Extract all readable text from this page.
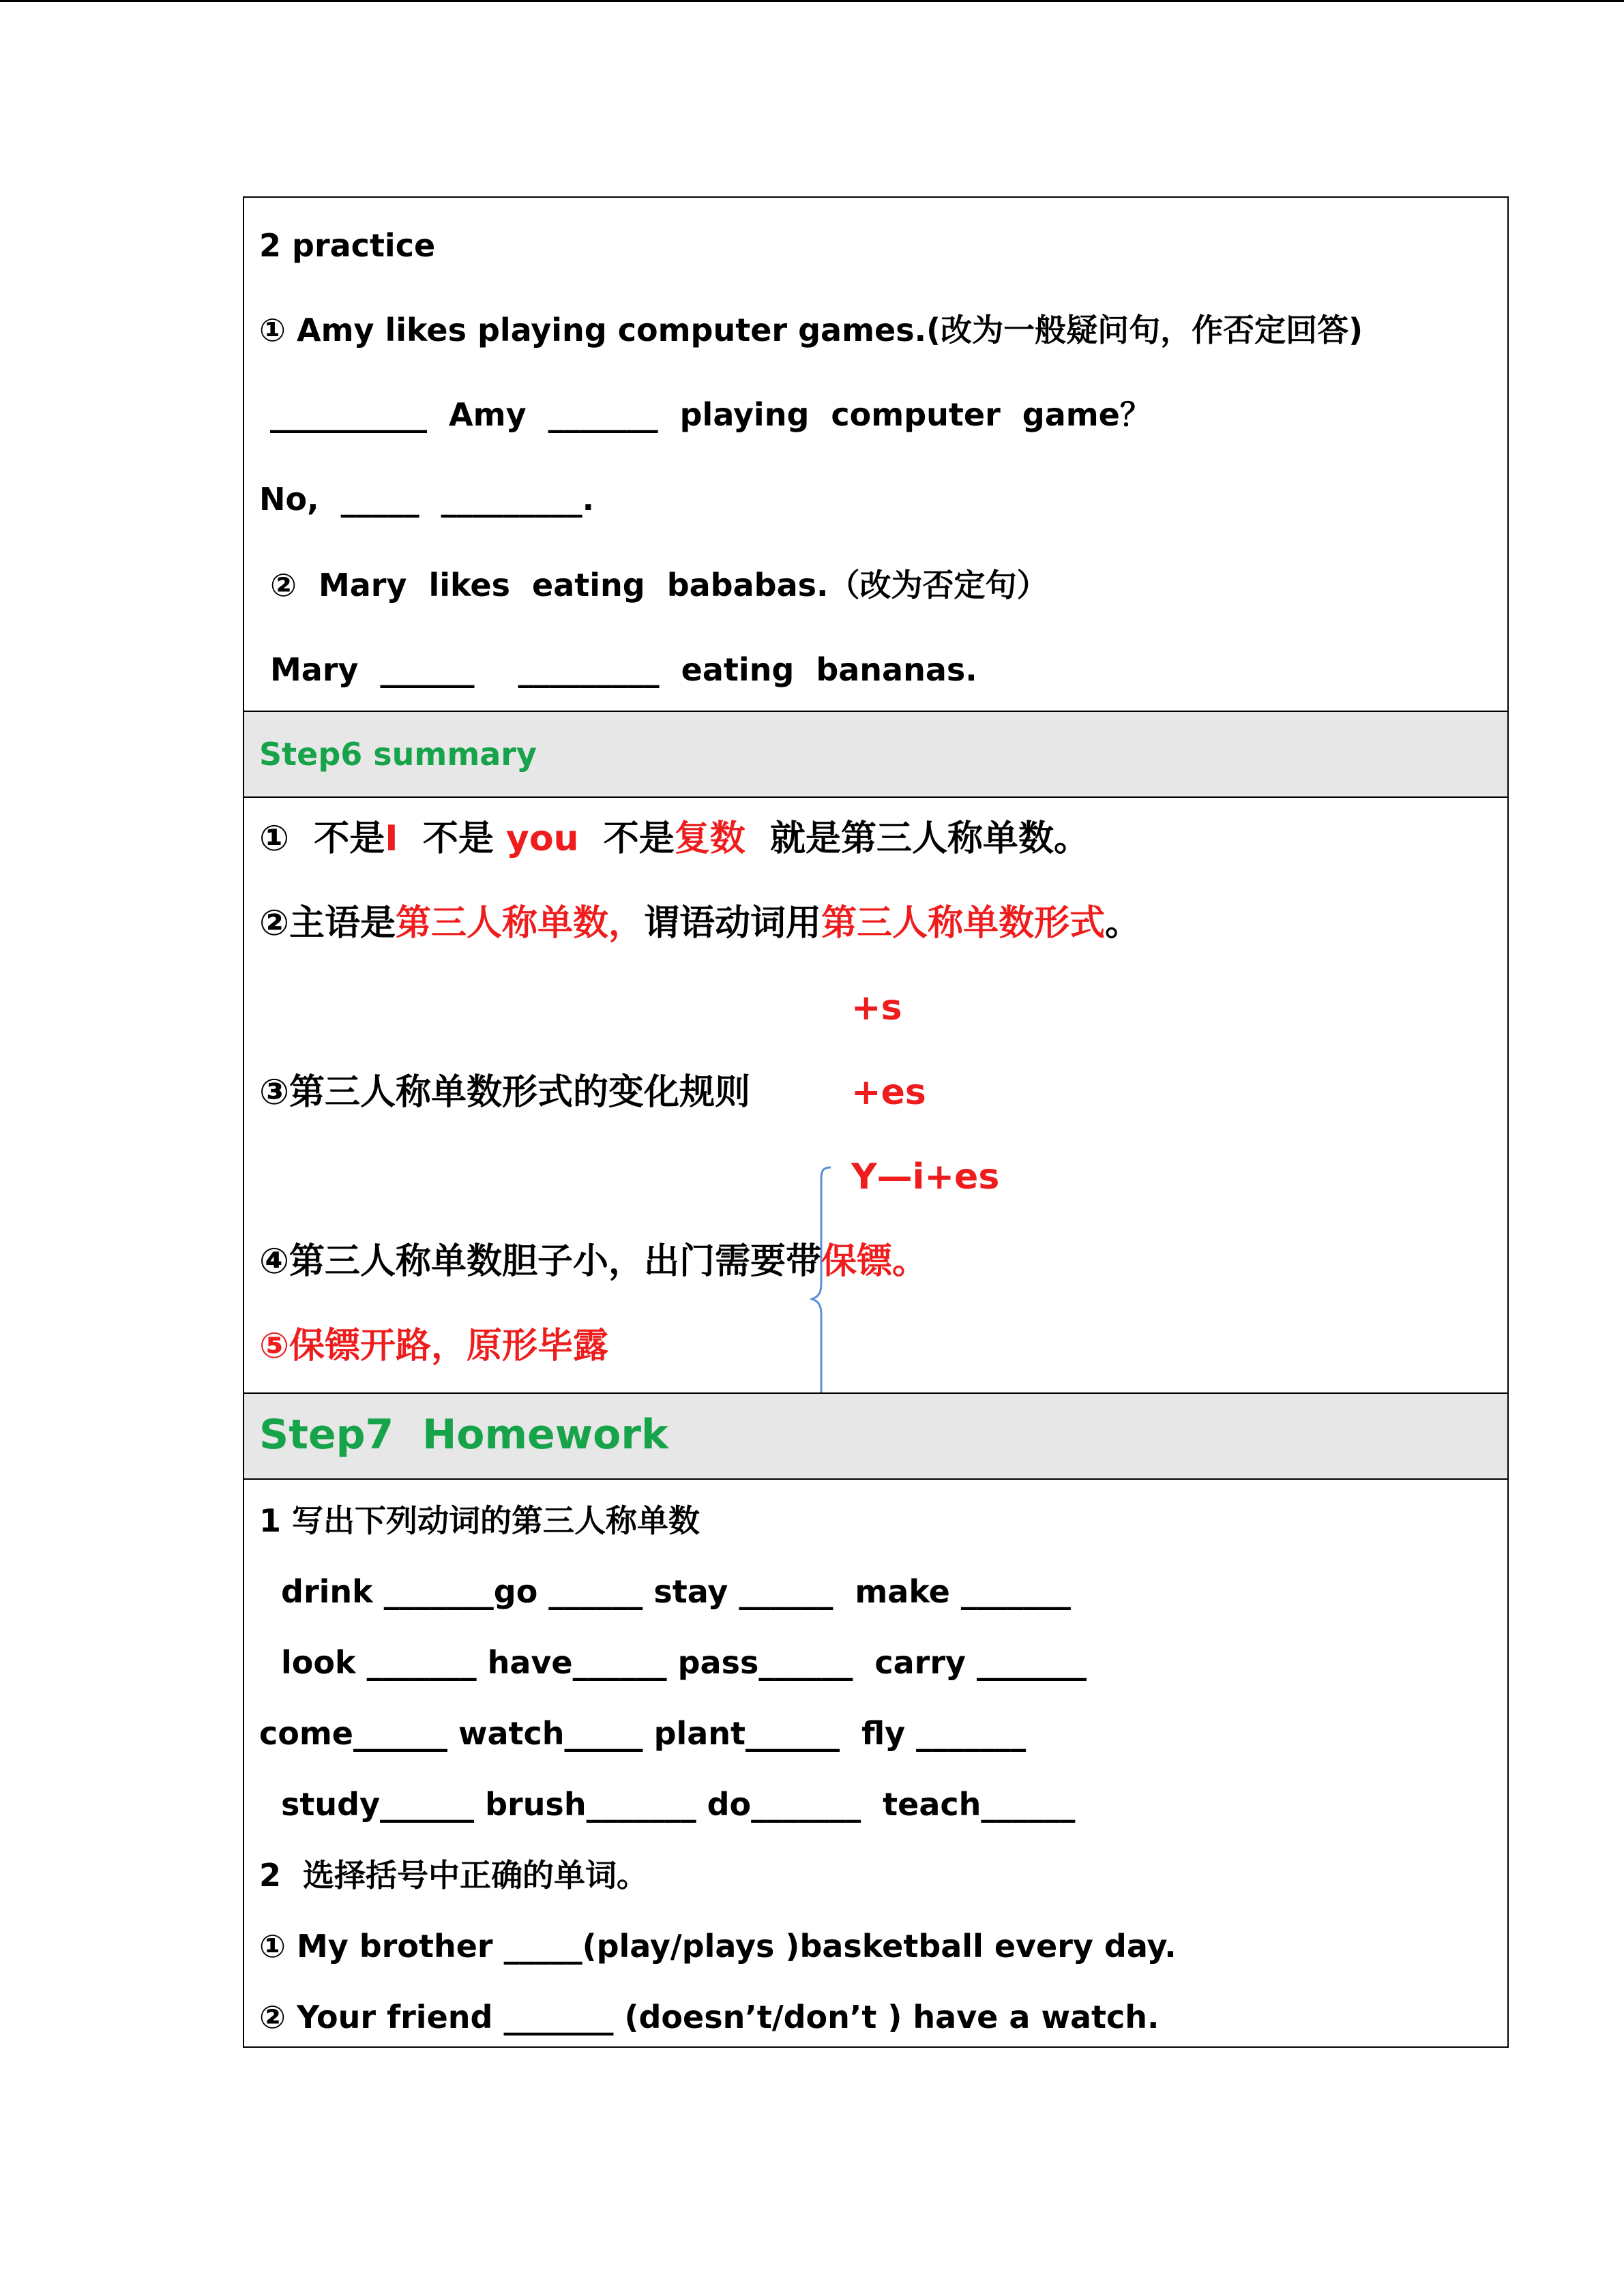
2 practice
① Amy likes playing computer games.(改为一般疑问句，作否定回答)
__________  Amy  _______  playing  computer  game？
No,  _____  _________.
②  Mary  likes  eating  bababas.（改为否定句）
Mary  ______    _________  eating  bananas.
Step6 summary
①  不是I  不是 you  不是复数  就是第三人称单数。
②主语是第三人称单数，谓语动词用第三人称单数形式。
③第三人称单数形式的变化规则
+s
+es
Y—i+es
④第三人称单数胆子小，出门需要带保镖。
⑤保镖开路，原形毕露
Step7  Homework
1 写出下列动词的第三人称单数
drink _______go ______ stay ______  make _______
look _______ have______ pass______  carry _______
come______ watch_____ plant______  fly _______
study______ brush_______ do_______  teach______
2  选择括号中正确的单词。
① My brother _____(play/plays )basketball every day.
② Your friend _______ (doesn’t/don’t ) have a watch.
